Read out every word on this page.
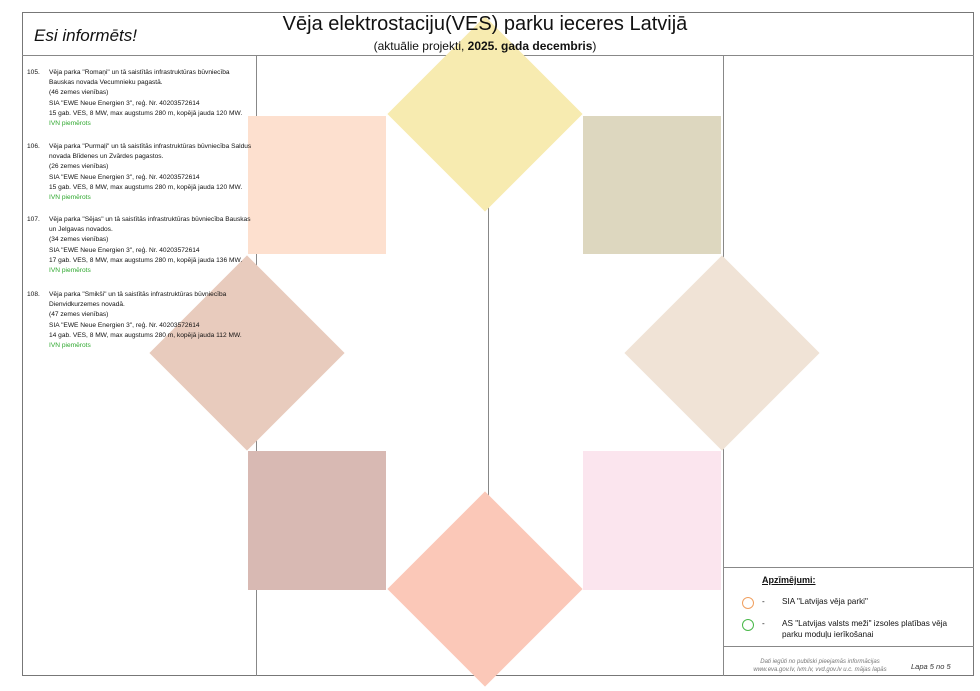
Esi informēts!
Vēja elektrostaciju(VES) parku ieceres Latvijā
(aktuālie projekti, 2025. gada decembris)
105. Vēja parka "Romaņi" un tā saistītās infrastruktūras būvniecība
Bauskas novada Vecumnieku pagastā.
(46 zemes vienības)
SIA "EWE Neue Energien 3", reģ. Nr. 40203572614
15 gab. VES, 8 MW, max augstums 280 m, kopējā jauda 120 MW.
IVN piemērots
106. Vēja parka "Purmaļi" un tā saistītās infrastruktūras būvniecība Saldus
novada Blīdenes un Zvārdes pagastos.
(26 zemes vienības)
SIA "EWE Neue Energien 3", reģ. Nr. 40203572614
15 gab. VES, 8 MW, max augstums 280 m, kopējā jauda 120 MW.
IVN piemērots
107. Vēja parka "Sējas" un tā saistītās infrastruktūras būvniecība Bauskas
un Jelgavas novados.
(34 zemes vienības)
SIA "EWE Neue Energien 3", reģ. Nr. 40203572614
17 gab. VES, 8 MW, max augstums 280 m, kopējā jauda 136 MW.
IVN piemērots
108. Vēja parka "Smikši" un tā saistītās infrastruktūras būvniecība
Dienvidkurzemes novadā.
(47 zemes vienības)
SIA "EWE Neue Energien 3", reģ. Nr. 40203572614
14 gab. VES, 8 MW, max augstums 280 m, kopējā jauda 112 MW.
IVN piemērots
Apzīmējumi:
- SIA "Latvijas vēja parki"
- AS "Latvijas valsts meži" izsoles platības vēja parku moduļu ierīkošanai
Dati iegūti no publiski pieejamās informācijas
www.eva.gov.lv, lvm.lv, vvd.gov.lv u.c. mājas lapās	Lapa 5 no 5
